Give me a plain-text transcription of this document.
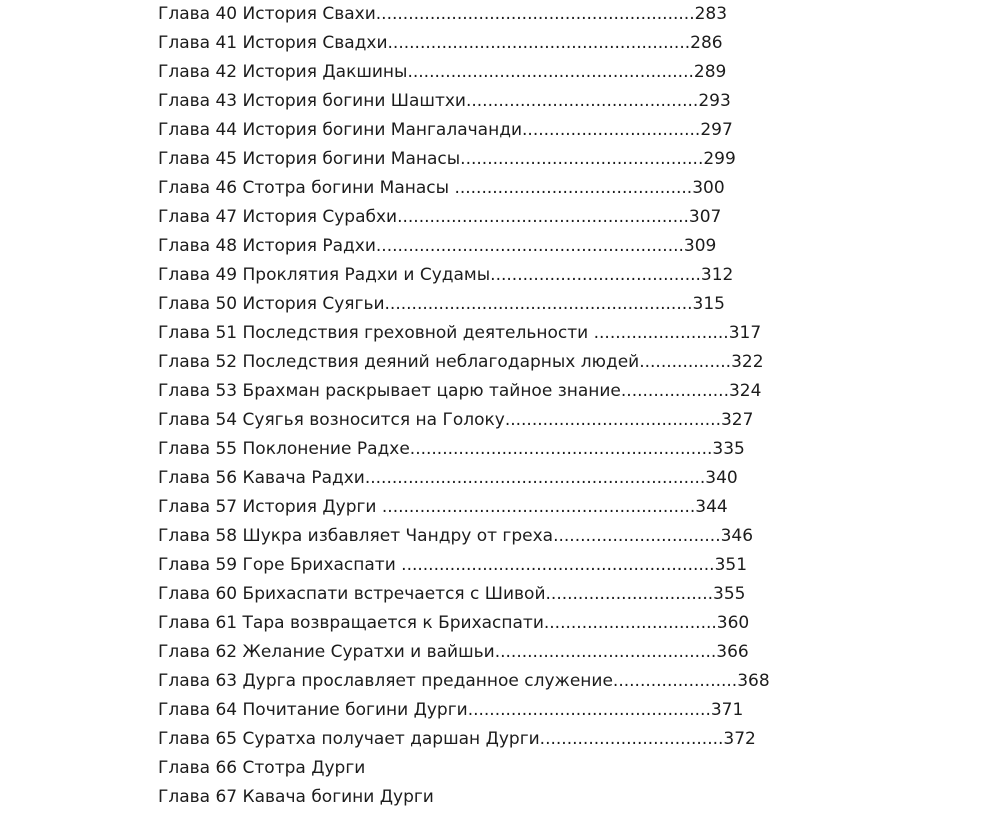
Глава 40 История Свахи...........................................................283
Глава 41 История Свадхи........................................................286
Глава 42 История Дакшины.....................................................289
Глава 43 История богини Шаштхи...........................................293
Глава 44 История богини Мангалачанди.................................297
Глава 45 История богини Манасы.............................................299
Глава 46 Стотра богини Манасы ............................................300
Глава 47 История Сурабхи......................................................307
Глава 48 История Радхи.........................................................309
Глава 49 Проклятия Радхи и Судамы.......................................312
Глава 50 История Суягьи.........................................................315
Глава 51 Последствия греховной деятельности .........................317
Глава 52 Последствия деяний неблагодарных людей.................322
Глава 53 Брахман раскрывает царю тайное знание....................324
Глава 54 Суягья возносится на Голоку........................................327
Глава 55 Поклонение Радхе........................................................335
Глава 56 Кавача Радхи...............................................................340
Глава 57 История Дурги ..........................................................344
Глава 58 Шукра избавляет Чандру от греха...............................346
Глава 59 Горе Брихаспати ..........................................................351
Глава 60 Брихаспати встречается с Шивой...............................355
Глава 61 Тара возвращается к Брихаспати................................360
Глава 62 Желание Суратхи и вайшьи.........................................366
Глава 63 Дурга прославляет преданное служение.......................368
Глава 64 Почитание богини Дурги.............................................371
Глава 65 Суратха получает даршан Дурги..................................372
Глава 66 Стотра Дурги
Глава 67 Кавача богини Дурги
